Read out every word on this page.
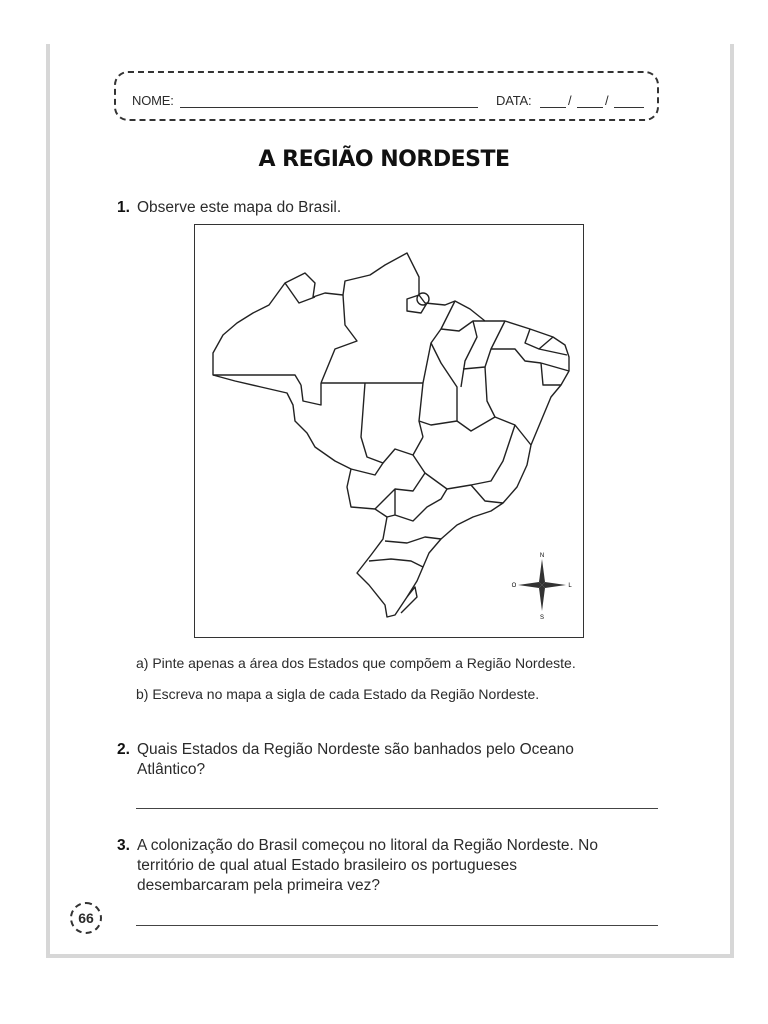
NOME:	DATA:	/	/
A REGIÃO NORDESTE
1. Observe este mapa do Brasil.
N
S
O	L
a) Pinte apenas a área dos Estados que compõem a Região Nordeste.
b) Escreva no mapa a sigla de cada Estado da Região Nordeste.
2. Quais Estados da Região Nordeste são banhados pelo Oceano Atlântico?
3. A colonização do Brasil começou no litoral da Região Nordeste. No território de qual atual Estado brasileiro os portugueses desembarcaram pela primeira vez?
66
